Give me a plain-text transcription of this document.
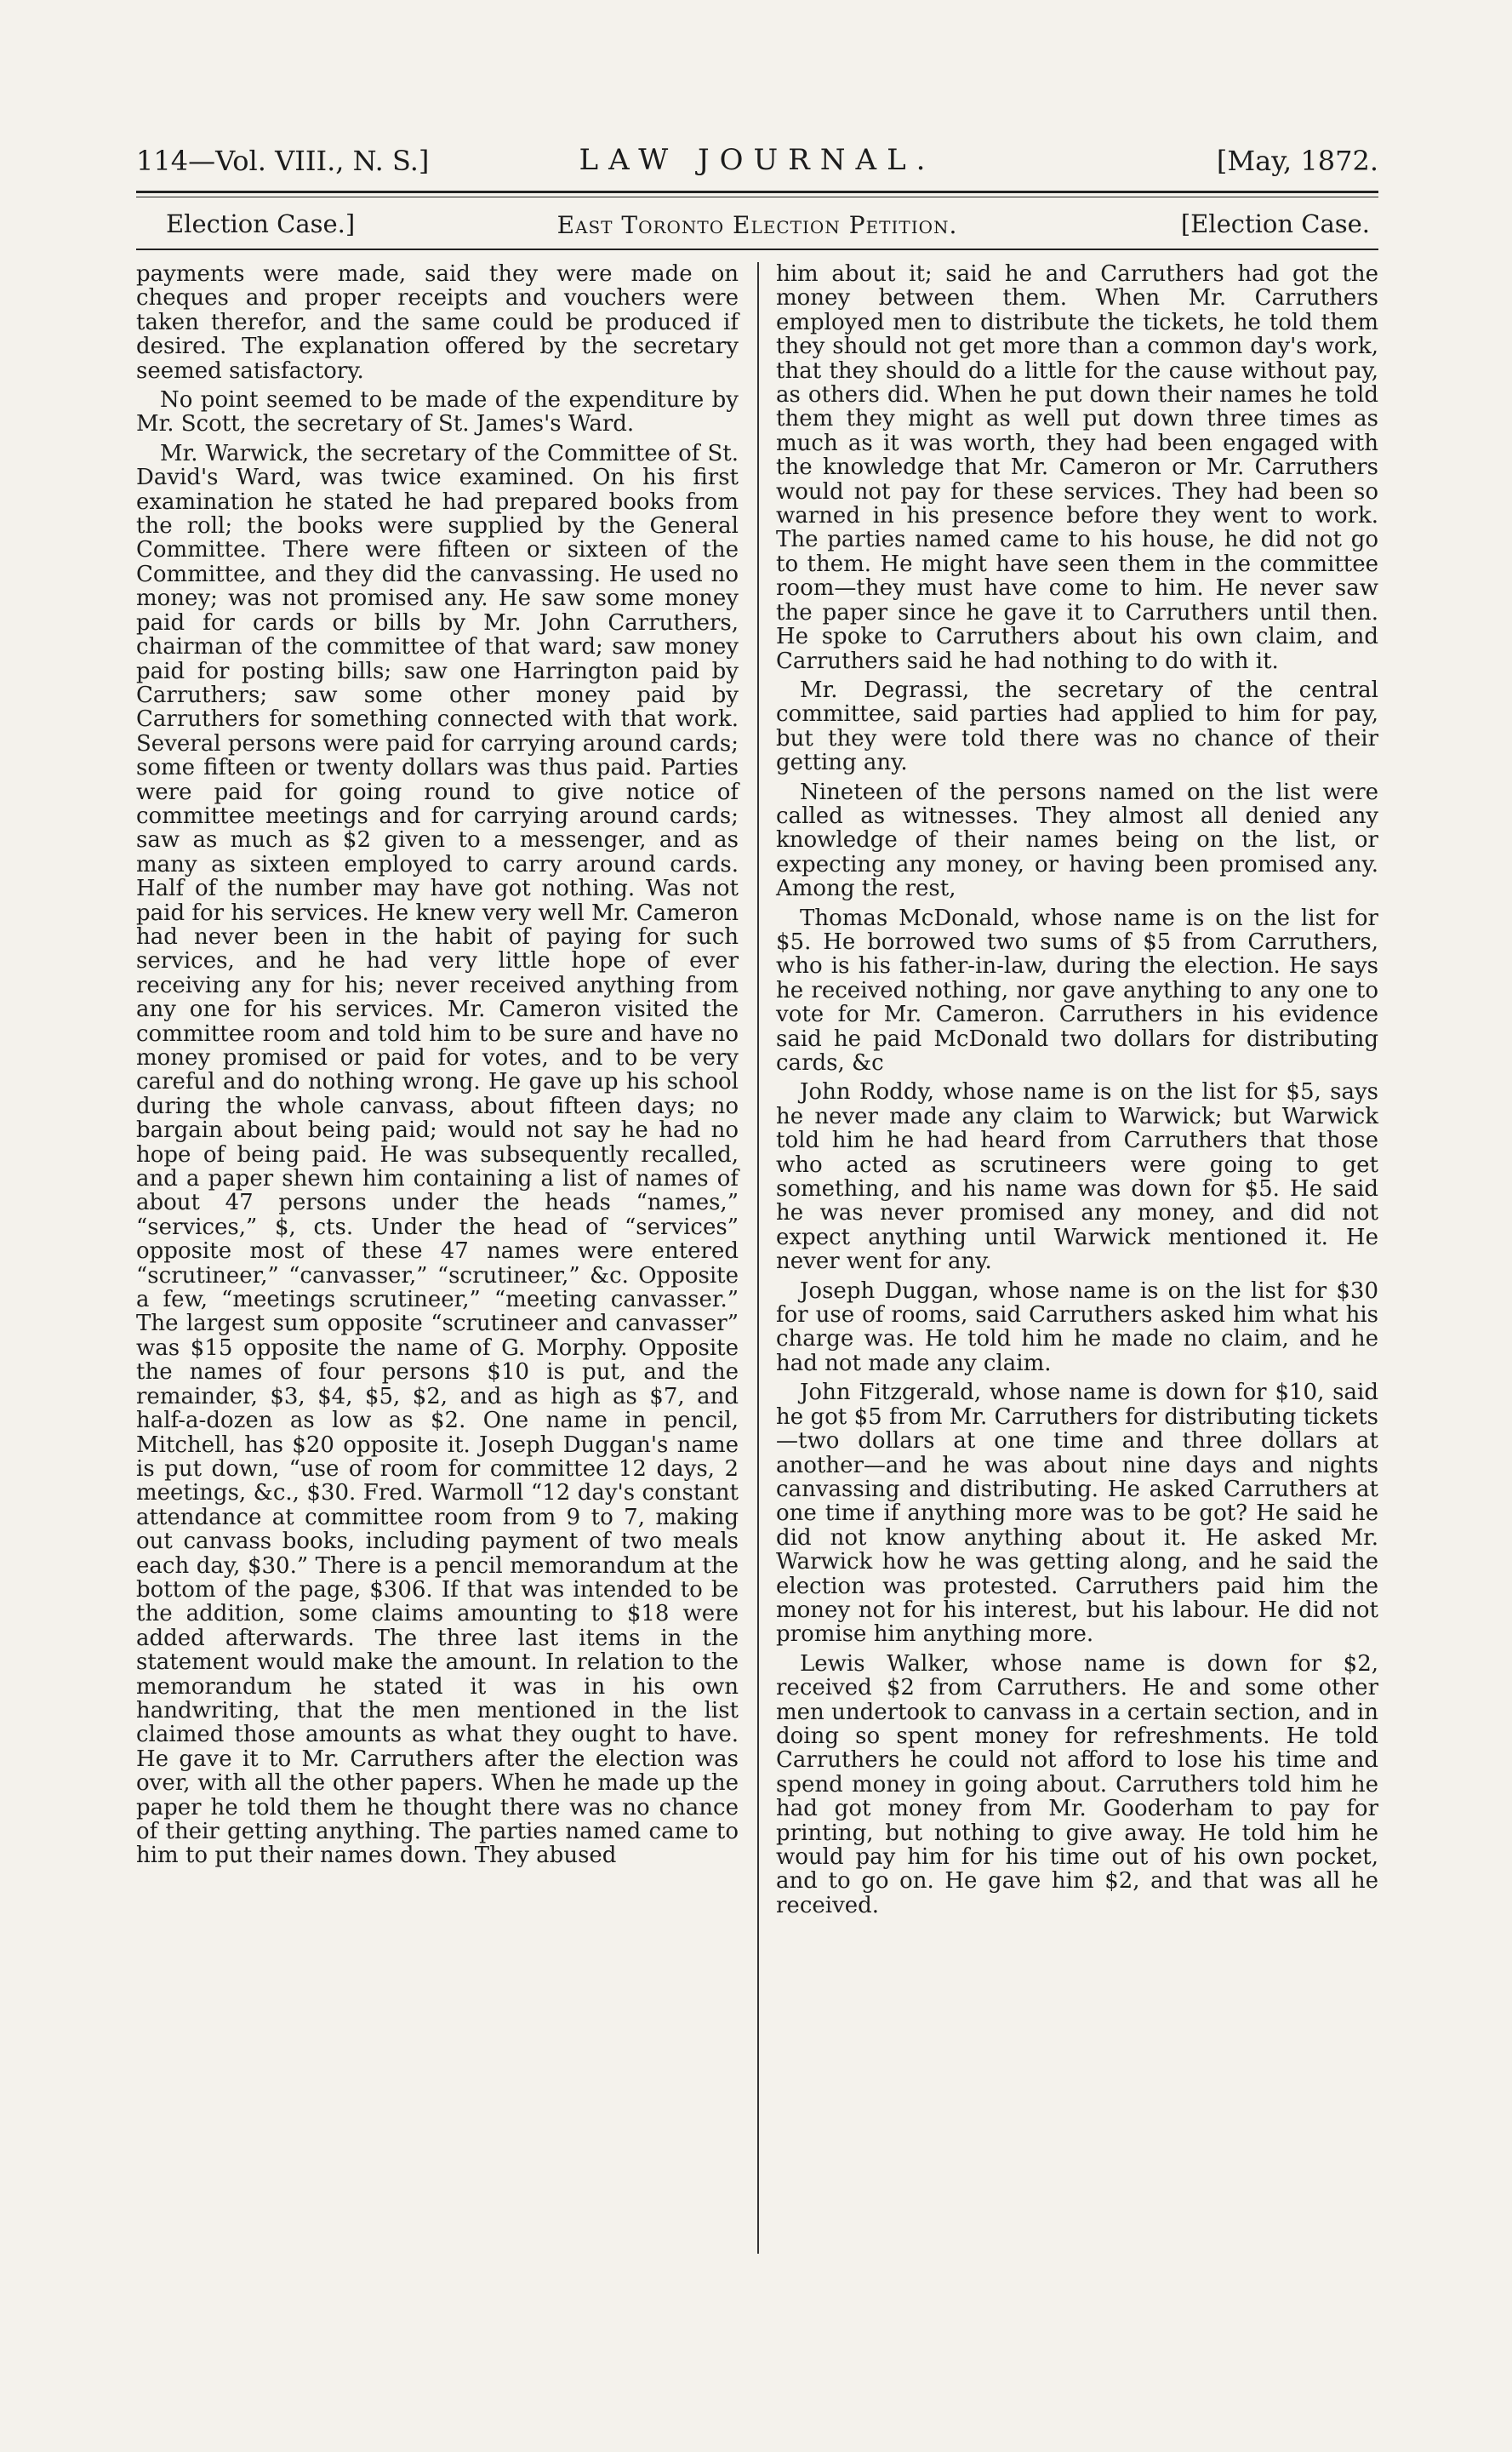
114—Vol. VIII., N. S.]	LAW JOURNAL.	[May, 1872.
Election Case.]	East Toronto Election Petition.	[Election Case.

payments were made, said they were made on cheques and proper receipts and vouchers were taken therefor, and the same could be produced if desired. The explanation offered by the secretary seemed satisfactory.

No point seemed to be made of the expenditure by Mr. Scott, the secretary of St. James's Ward.

Mr. Warwick, the secretary of the Committee of St. David's Ward, was twice examined. On his first examination he stated he had prepared books from the roll; the books were supplied by the General Committee. There were fifteen or sixteen of the Committee, and they did the canvassing. He used no money; was not promised any. He saw some money paid for cards or bills by Mr. John Carruthers, chairman of the committee of that ward; saw money paid for posting bills; saw one Harrington paid by Carruthers; saw some other money paid by Carruthers for something connected with that work. Several persons were paid for carrying around cards; some fifteen or twenty dollars was thus paid. Parties were paid for going round to give notice of committee meetings and for carrying around cards; saw as much as $2 given to a messenger, and as many as sixteen employed to carry around cards. Half of the number may have got nothing. Was not paid for his services. He knew very well Mr. Cameron had never been in the habit of paying for such services, and he had very little hope of ever receiving any for his; never received anything from any one for his services. Mr. Cameron visited the committee room and told him to be sure and have no money promised or paid for votes, and to be very careful and do nothing wrong. He gave up his school during the whole canvass, about fifteen days; no bargain about being paid; would not say he had no hope of being paid. He was subsequently recalled, and a paper shewn him containing a list of names of about 47 persons under the heads “names,” “services,” $, cts. Under the head of “services” opposite most of these 47 names were entered “scrutineer,” “canvasser,” “scrutineer,” &c. Opposite a few, “meetings scrutineer,” “meeting canvasser.” The largest sum opposite “scrutineer and canvasser” was $15 opposite the name of G. Morphy. Opposite the names of four persons $10 is put, and the remainder, $3, $4, $5, $2, and as high as $7, and half-a-dozen as low as $2. One name in pencil, Mitchell, has $20 opposite it. Joseph Duggan's name is put down, “use of room for committee 12 days, 2 meetings, &c., $30. Fred. Warmoll “12 day's constant attendance at committee room from 9 to 7, making out canvass books, including payment of two meals each day, $30.” There is a pencil memorandum at the bottom of the page, $306. If that was intended to be the addition, some claims amounting to $18 were added afterwards. The three last items in the statement would make the amount. In relation to the memorandum he stated it was in his own handwriting, that the men mentioned in the list claimed those amounts as what they ought to have. He gave it to Mr. Carruthers after the election was over, with all the other papers. When he made up the paper he told them he thought there was no chance of their getting anything. The parties named came to him to put their names down. They abused

him about it; said he and Carruthers had got the money between them. When Mr. Carruthers employed men to distribute the tickets, he told them they should not get more than a common day's work, that they should do a little for the cause without pay, as others did. When he put down their names he told them they might as well put down three times as much as it was worth, they had been engaged with the knowledge that Mr. Cameron or Mr. Carruthers would not pay for these services. They had been so warned in his presence before they went to work. The parties named came to his house, he did not go to them. He might have seen them in the committee room—they must have come to him. He never saw the paper since he gave it to Carruthers until then. He spoke to Carruthers about his own claim, and Carruthers said he had nothing to do with it.

Mr. Degrassi, the secretary of the central committee, said parties had applied to him for pay, but they were told there was no chance of their getting any.

Nineteen of the persons named on the list were called as witnesses. They almost all denied any knowledge of their names being on the list, or expecting any money, or having been promised any. Among the rest,

Thomas McDonald, whose name is on the list for $5. He borrowed two sums of $5 from Carruthers, who is his father-in-law, during the election. He says he received nothing, nor gave anything to any one to vote for Mr. Cameron. Carruthers in his evidence said he paid McDonald two dollars for distributing cards, &c

John Roddy, whose name is on the list for $5, says he never made any claim to Warwick; but Warwick told him he had heard from Carruthers that those who acted as scrutineers were going to get something, and his name was down for $5. He said he was never promised any money, and did not expect anything until Warwick mentioned it. He never went for any.

Joseph Duggan, whose name is on the list for $30 for use of rooms, said Carruthers asked him what his charge was. He told him he made no claim, and he had not made any claim.

John Fitzgerald, whose name is down for $10, said he got $5 from Mr. Carruthers for distributing tickets—two dollars at one time and three dollars at another—and he was about nine days and nights canvassing and distributing. He asked Carruthers at one time if anything more was to be got? He said he did not know anything about it. He asked Mr. Warwick how he was getting along, and he said the election was protested. Carruthers paid him the money not for his interest, but his labour. He did not promise him anything more.

Lewis Walker, whose name is down for $2, received $2 from Carruthers. He and some other men undertook to canvass in a certain section, and in doing so spent money for refreshments. He told Carruthers he could not afford to lose his time and spend money in going about. Carruthers told him he had got money from Mr. Gooderham to pay for printing, but nothing to give away. He told him he would pay him for his time out of his own pocket, and to go on. He gave him $2, and that was all he received.
